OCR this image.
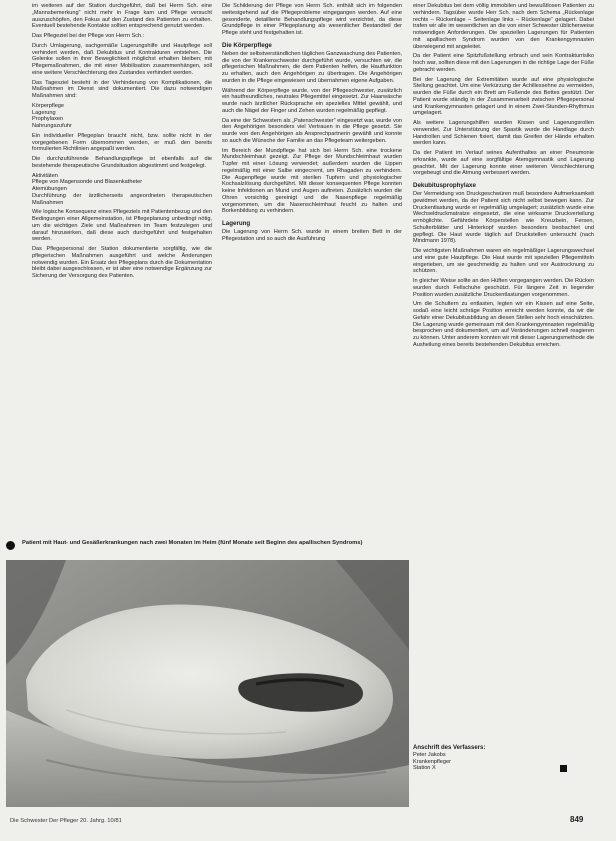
im weiteren auf der Station durchgeführt, daß bei Herrn Sch. eine „Mannsbemerkung“ nicht mehr in Frage kam und Pflege versucht auszuschöpfen, den Fokus auf den Zustand des Patienten zu erhalten. Eventuell bestehende Kontakte sollten entsprechend genutzt werden.

Das Pflegeziel bei der Pflege von Herrn Sch.:

Durch Umlagerung, sachgemäße Lagerungshilfe und Hautpflege soll verhindert werden, daß Dekubitus und Kontrakturen entstehen. Die Gelenke sollen in ihrer Beweglichkeit möglichst erhalten bleiben; mit Pflegemaßnahmen, die mit einer Mobilisation zusammenhängen, soll eine weitere Verschlechterung des Zustandes verhindert werden.

Das Tagesziel besteht in der Verhinderung von Komplikationen, die Maßnahmen im Dienst sind dokumentiert. Die dazu notwendigen Maßnahmen sind:

Körperpflege
Lagerung
Prophylaxen
Nahrungszufuhr

Ein individueller Pflegeplan braucht nicht, bzw. sollte nicht in der vorgegebenen Form übernommen werden, er muß den bereits formulierten Richtlinien angepaßt werden.

Die durchzuführende Behandlungspflege ist ebenfalls auf die bestehende therapeutische Grundsituation abgestimmt und festgelegt.

Aktivitäten

Pflege von Magensonde und Blasenkatheter

Atemübungen

Durchführung der ärztlicherseits angeordneten therapeutischen Maßnahmen

Wie logische Konsequenz eines Pflegeziels mit Patientenbezug und den Bedingungen einer Allgemeinstation, ist Pflegeplanung unbedingt nötig, um die wichtigen Ziele und Maßnahmen im Team festzulegen und darauf hinzuwirken, daß diese auch durchgeführt und festgehalten werden.

Das Pflegepersonal der Station dokumentierte sorgfältig, wie die pflegerischen Maßnahmen ausgeführt und welche Änderungen notwendig wurden. Ein Ersatz des Pflegeplans durch die Dokumentation bleibt dabei ausgeschlossen, er ist aber eine notwendige Ergänzung zur Sicherung der Versorgung des Patienten.

Die Schilderung der Pflege von Herrn Sch. enthält sich im folgenden weitestgehend auf die Pflegeprobleme eingegangen werden. Auf eine gesonderte, detaillierte Behandlungspflege wird verzichtet, da diese Grundpflege in einer Pflegeplanung als wesentlicher Bestandteil der Pflege steht und festgehalten ist.

Die Körperpflege

Neben der selbstverständlichen täglichen Ganzwaschung des Patienten, die von der Krankenschwester durchgeführt wurde, versuchten wir, die pflegerischen Maßnahmen, die dem Patienten helfen, die Hautfunktion zu erhalten, auch den Angehörigen zu übertragen. Die Angehörigen wurden in die Pflege eingewiesen und übernahmen eigene Aufgaben.

Während der Körperpflege wurde, von der Pflegeschwester, zusätzlich ein hautfreundliches, neutrales Pflegemittel eingesetzt. Zur Haarwäsche wurde nach ärztlicher Rücksprache ein spezielles Mittel gewählt, und auch die Nägel der Finger und Zehen wurden regelmäßig gepflegt.

Da eine der Schwestern als „Patenschwester“ eingesetzt war, wurde von den Angehörigen besonders viel Vertrauen in die Pflege gesetzt. Sie wurde von den Angehörigen als Ansprechpartnerin gewählt und konnte so auch die Wünsche der Familie an das Pflegeteam weitergeben.

Im Bereich der Mundpflege hat sich bei Herrn Sch. eine trockene Mundschleimhaut gezeigt. Zur Pflege der Mundschleimhaut wurden Tupfer mit einer Lösung verwendet; außerdem wurden die Lippen regelmäßig mit einer Salbe eingecremt, um Rhagaden zu verhindern. Die Augenpflege wurde mit sterilen Tupfern und physiologischer Kochsalzlösung durchgeführt. Mit dieser konsequenten Pflege konnten keine Infektionen an Mund und Augen auftreten. Zusätzlich wurden die Ohren vorsichtig gereinigt und die Nasenpflege regelmäßig vorgenommen, um die Nasenschleimhaut feucht zu halten und Borkenbildung zu verhindern.

Lagerung

Die Lagerung von Herrn Sch. wurde in einem breiten Bett in der Pflegestation und so auch die Ausführung

einer Dekubitus bei dem völlig immobilen und bewußtlosen Patienten zu verhindern. Tagsüber wurde Herr Sch. nach dem Schema „Rückenlage rechts – Rückenlage – Seitenlage links – Rückenlage“ gelagert. Dabei trafen wir alle im wesentlichen an die von einer Schwester üblicherweise notwendigen Anforderungen. Die speziellen Lagerungen für Patienten mit apallischem Syndrom wurden von den Krankengymnasten überwiegend mit angeleitet.

Da der Patient eine Spitzfußstellung erbrach und sein Kontrakturrisiko hoch war, sollten diese mit den Lagerungen in die richtige Lage der Füße gebracht werden.

Bei der Lagerung der Extremitäten wurde auf eine physiologische Stellung geachtet. Um eine Verkürzung der Achillessehne zu vermeiden, wurden die Füße durch ein Brett am Fußende des Bettes gestützt. Der Patient wurde ständig in der Zusammenarbeit zwischen Pflegepersonal und Krankengymnasten gelagert und in einem Zwei-Stunden-Rhythmus umgelagert.

Als weitere Lagerungshilfen wurden Kissen und Lagerungsrollen verwendet. Zur Unterstützung der Spastik wurde die Handlage durch Handrollen und Schienen fixiert, damit das Greifen der Hände erhalten werden kann.

Da der Patient im Verlauf seines Aufenthaltes an einer Pneumonie erkrankte, wurde auf eine sorgfältige Atemgymnastik und Lagerung geachtet. Mit der Lagerung konnte einer weiteren Verschlechterung vorgebeugt und die Atmung verbessert werden.

Dekubitusprophylaxe

Der Vermeidung von Druckgeschwüren muß besondere Aufmerksamkeit gewidmet werden, da der Patient sich nicht selbst bewegen kann. Zur Druckentlastung wurde er regelmäßig umgelagert; zusätzlich wurde eine Wechseldruckmatratze eingesetzt, die eine wirksame Druckverteilung ermöglichte. Gefährdete Körperstellen wie Kreuzbein, Fersen, Schulterblätter und Hinterkopf wurden besonders beobachtet und gepflegt. Die Haut wurde täglich auf Druckstellen untersucht (nach Mindmann 1978).

Die wichtigsten Maßnahmen waren ein regelmäßiger Lagerungswechsel und eine gute Hautpflege. Die Haut wurde mit speziellen Pflegemitteln eingerieben, um sie geschmeidig zu halten und vor Austrocknung zu schützen.

In gleicher Weise sollte an den Hüften vorgegangen werden. Die Rücken wurden durch Fellschuhe geschützt. Für längere Zeit in liegender Position wurden zusätzliche Druckentlastungen vorgenommen.

Um die Schultern zu entlasten, legten wir ein Kissen auf eine Seite, sodaß eine leicht schräge Position erreicht werden konnte, da wir die Gefahr einer Dekubitusbildung an diesen Stellen sehr hoch einschätzten. Die Lagerung wurde gemeinsam mit den Krankengymnasten regelmäßig besprochen und dokumentiert, um auf Veränderungen schnell reagieren zu können. Unter anderem konnten wir mit dieser Lagerungsmethode die Ausheilung eines bereits bestehenden Dekubitus erreichen.

Patient mit Haut- und Gesäßerkrankungen nach zwei Monaten im Heim (fünf Monate seit Beginn des apallischen Syndroms)
Anschrift des Verfassers:
Peter Jakobs
Krankenpfleger
Station X
Die Schwester Der Pfleger 20. Jahrg. 10/81	849
